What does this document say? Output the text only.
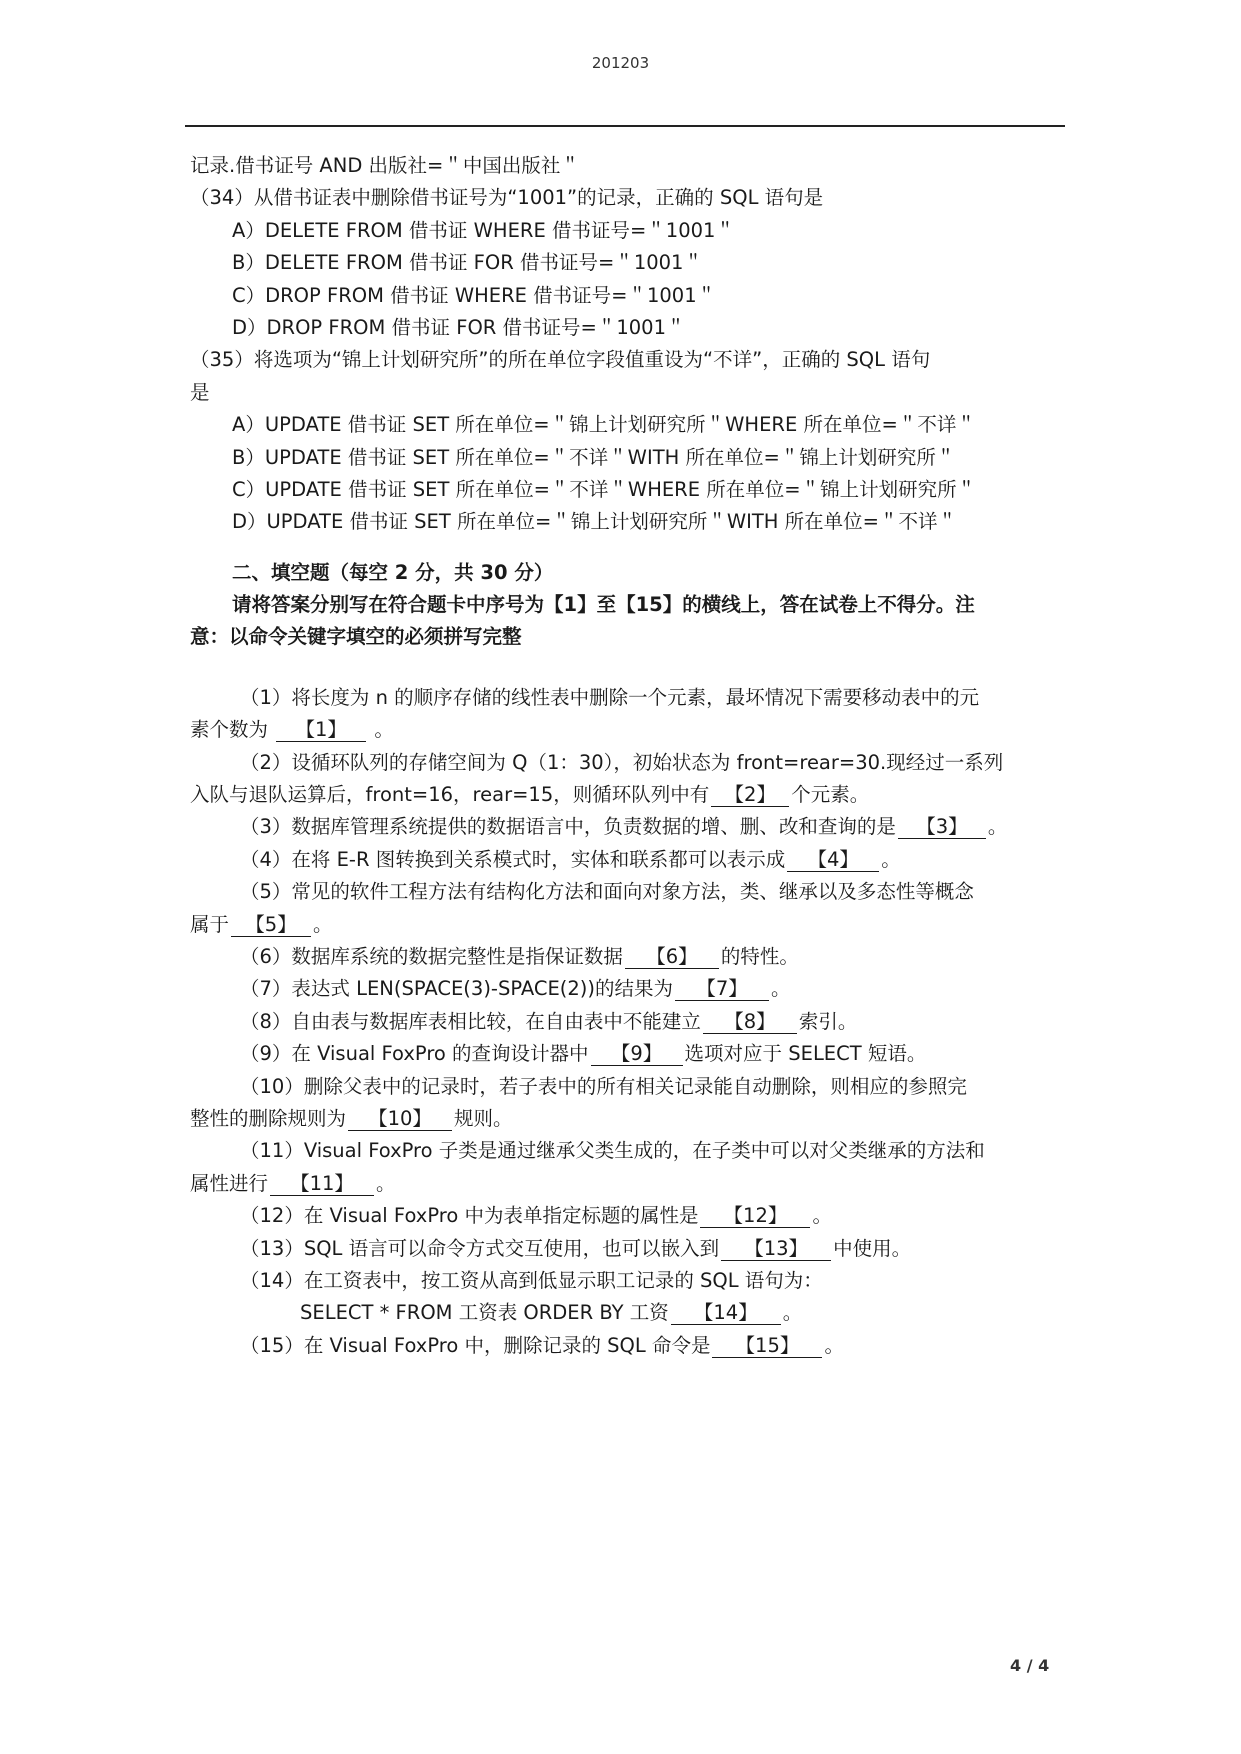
201203
记录.借书证号 AND 出版社=＂中国出版社＂
（34）从借书证表中删除借书证号为“1001”的记录，正确的 SQL 语句是
A）DELETE FROM 借书证 WHERE 借书证号=＂1001＂
B）DELETE FROM 借书证 FOR 借书证号=＂1001＂
C）DROP FROM 借书证 WHERE 借书证号=＂1001＂
D）DROP FROM 借书证 FOR 借书证号=＂1001＂
（35）将选项为“锦上计划研究所”的所在单位字段值重设为“不详”，正确的 SQL 语句
是
A）UPDATE 借书证 SET 所在单位=＂锦上计划研究所＂WHERE 所在单位=＂不详＂
B）UPDATE 借书证 SET 所在单位=＂不详＂WITH 所在单位=＂锦上计划研究所＂
C）UPDATE 借书证 SET 所在单位=＂不详＂WHERE 所在单位=＂锦上计划研究所＂
D）UPDATE 借书证 SET 所在单位=＂锦上计划研究所＂WITH 所在单位=＂不详＂
二、填空题（每空 2 分，共 30 分）
请将答案分别写在符合题卡中序号为【1】至【15】的横线上，答在试卷上不得分。注
意：以命令关键字填空的必须拼写完整
（1）将长度为 n 的顺序存储的线性表中删除一个元素，最坏情况下需要移动表中的元
素个数为 【1】 。
（2）设循环队列的存储空间为 Q（1：30），初始状态为 front=rear=30.现经过一系列
入队与退队运算后，front=16，rear=15，则循环队列中有 【2】 个元素。
（3）数据库管理系统提供的数据语言中，负责数据的增、删、改和查询的是 【3】 。
（4）在将 E-R 图转换到关系模式时，实体和联系都可以表示成 【4】 。
（5）常见的软件工程方法有结构化方法和面向对象方法，类、继承以及多态性等概念
属于 【5】 。
（6）数据库系统的数据完整性是指保证数据 【6】 的特性。
（7）表达式 LEN(SPACE(3)-SPACE(2))的结果为 【7】 。
（8）自由表与数据库表相比较，在自由表中不能建立 【8】 索引。
（9）在 Visual FoxPro 的查询设计器中 【9】 选项对应于 SELECT 短语。
（10）删除父表中的记录时，若子表中的所有相关记录能自动删除，则相应的参照完
整性的删除规则为 【10】 规则。
（11）Visual FoxPro 子类是通过继承父类生成的，在子类中可以对父类继承的方法和
属性进行 【11】 。
（12）在 Visual FoxPro 中为表单指定标题的属性是 【12】 。
（13）SQL 语言可以命令方式交互使用，也可以嵌入到 【13】 中使用。
（14）在工资表中，按工资从高到低显示职工记录的 SQL 语句为：
SELECT * FROM 工资表 ORDER BY 工资 【14】 。
（15）在 Visual FoxPro 中，删除记录的 SQL 命令是 【15】 。
4 / 4
